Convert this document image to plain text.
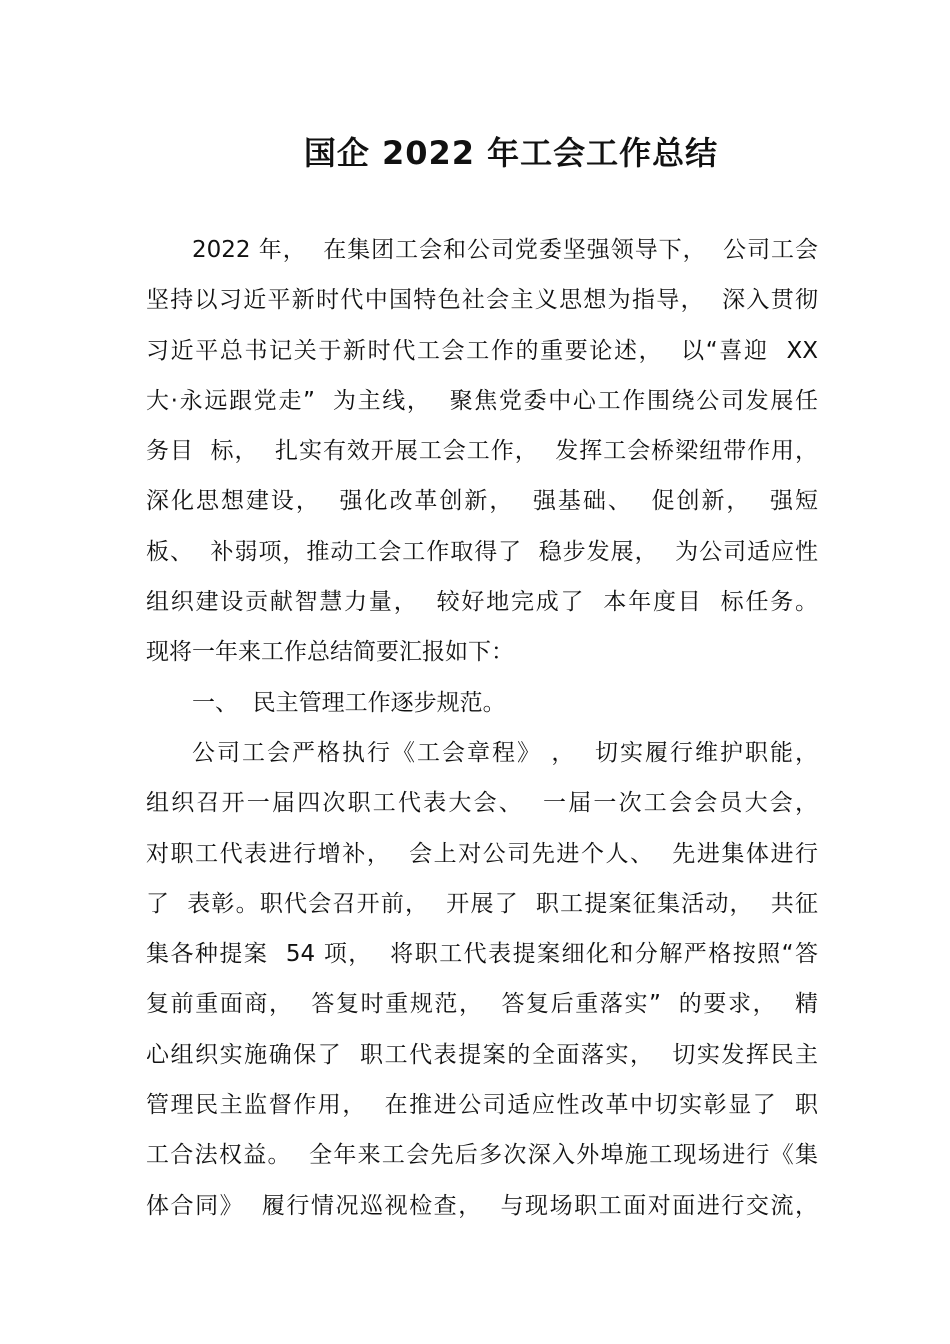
国企 2022 年工会工作总结
2022 年，  在集团工会和公司党委坚强领导下，  公司工会
坚持以习近平新时代中国特色社会主义思想为指导，  深入贯彻
习近平总书记关于新时代工会工作的重要论述，  以“喜迎  XX
大·永远跟党走”  为主线，  聚焦党委中心工作围绕公司发展任
务目  标，  扎实有效开展工会工作，  发挥工会桥梁纽带作用，
深化思想建设，  强化改革创新，  强基础、  促创新，  强短
板、  补弱项，推动工会工作取得了  稳步发展，  为公司适应性
组织建设贡献智慧力量，  较好地完成了  本年度目  标任务。
现将一年来工作总结简要汇报如下：
一、  民主管理工作逐步规范。
公司工会严格执行《工会章程》 ，  切实履行维护职能，
组织召开一届四次职工代表大会、  一届一次工会会员大会，
对职工代表进行增补，  会上对公司先进个人、  先进集体进行
了  表彰。职代会召开前，  开展了  职工提案征集活动，  共征
集各种提案  54 项，  将职工代表提案细化和分解严格按照“答
复前重面商，  答复时重规范，  答复后重落实”  的要求，  精
心组织实施确保了  职工代表提案的全面落实，  切实发挥民主
管理民主监督作用，  在推进公司适应性改革中切实彰显了  职
工合法权益。  全年来工会先后多次深入外埠施工现场进行《集
体合同》  履行情况巡视检查，  与现场职工面对面进行交流，
